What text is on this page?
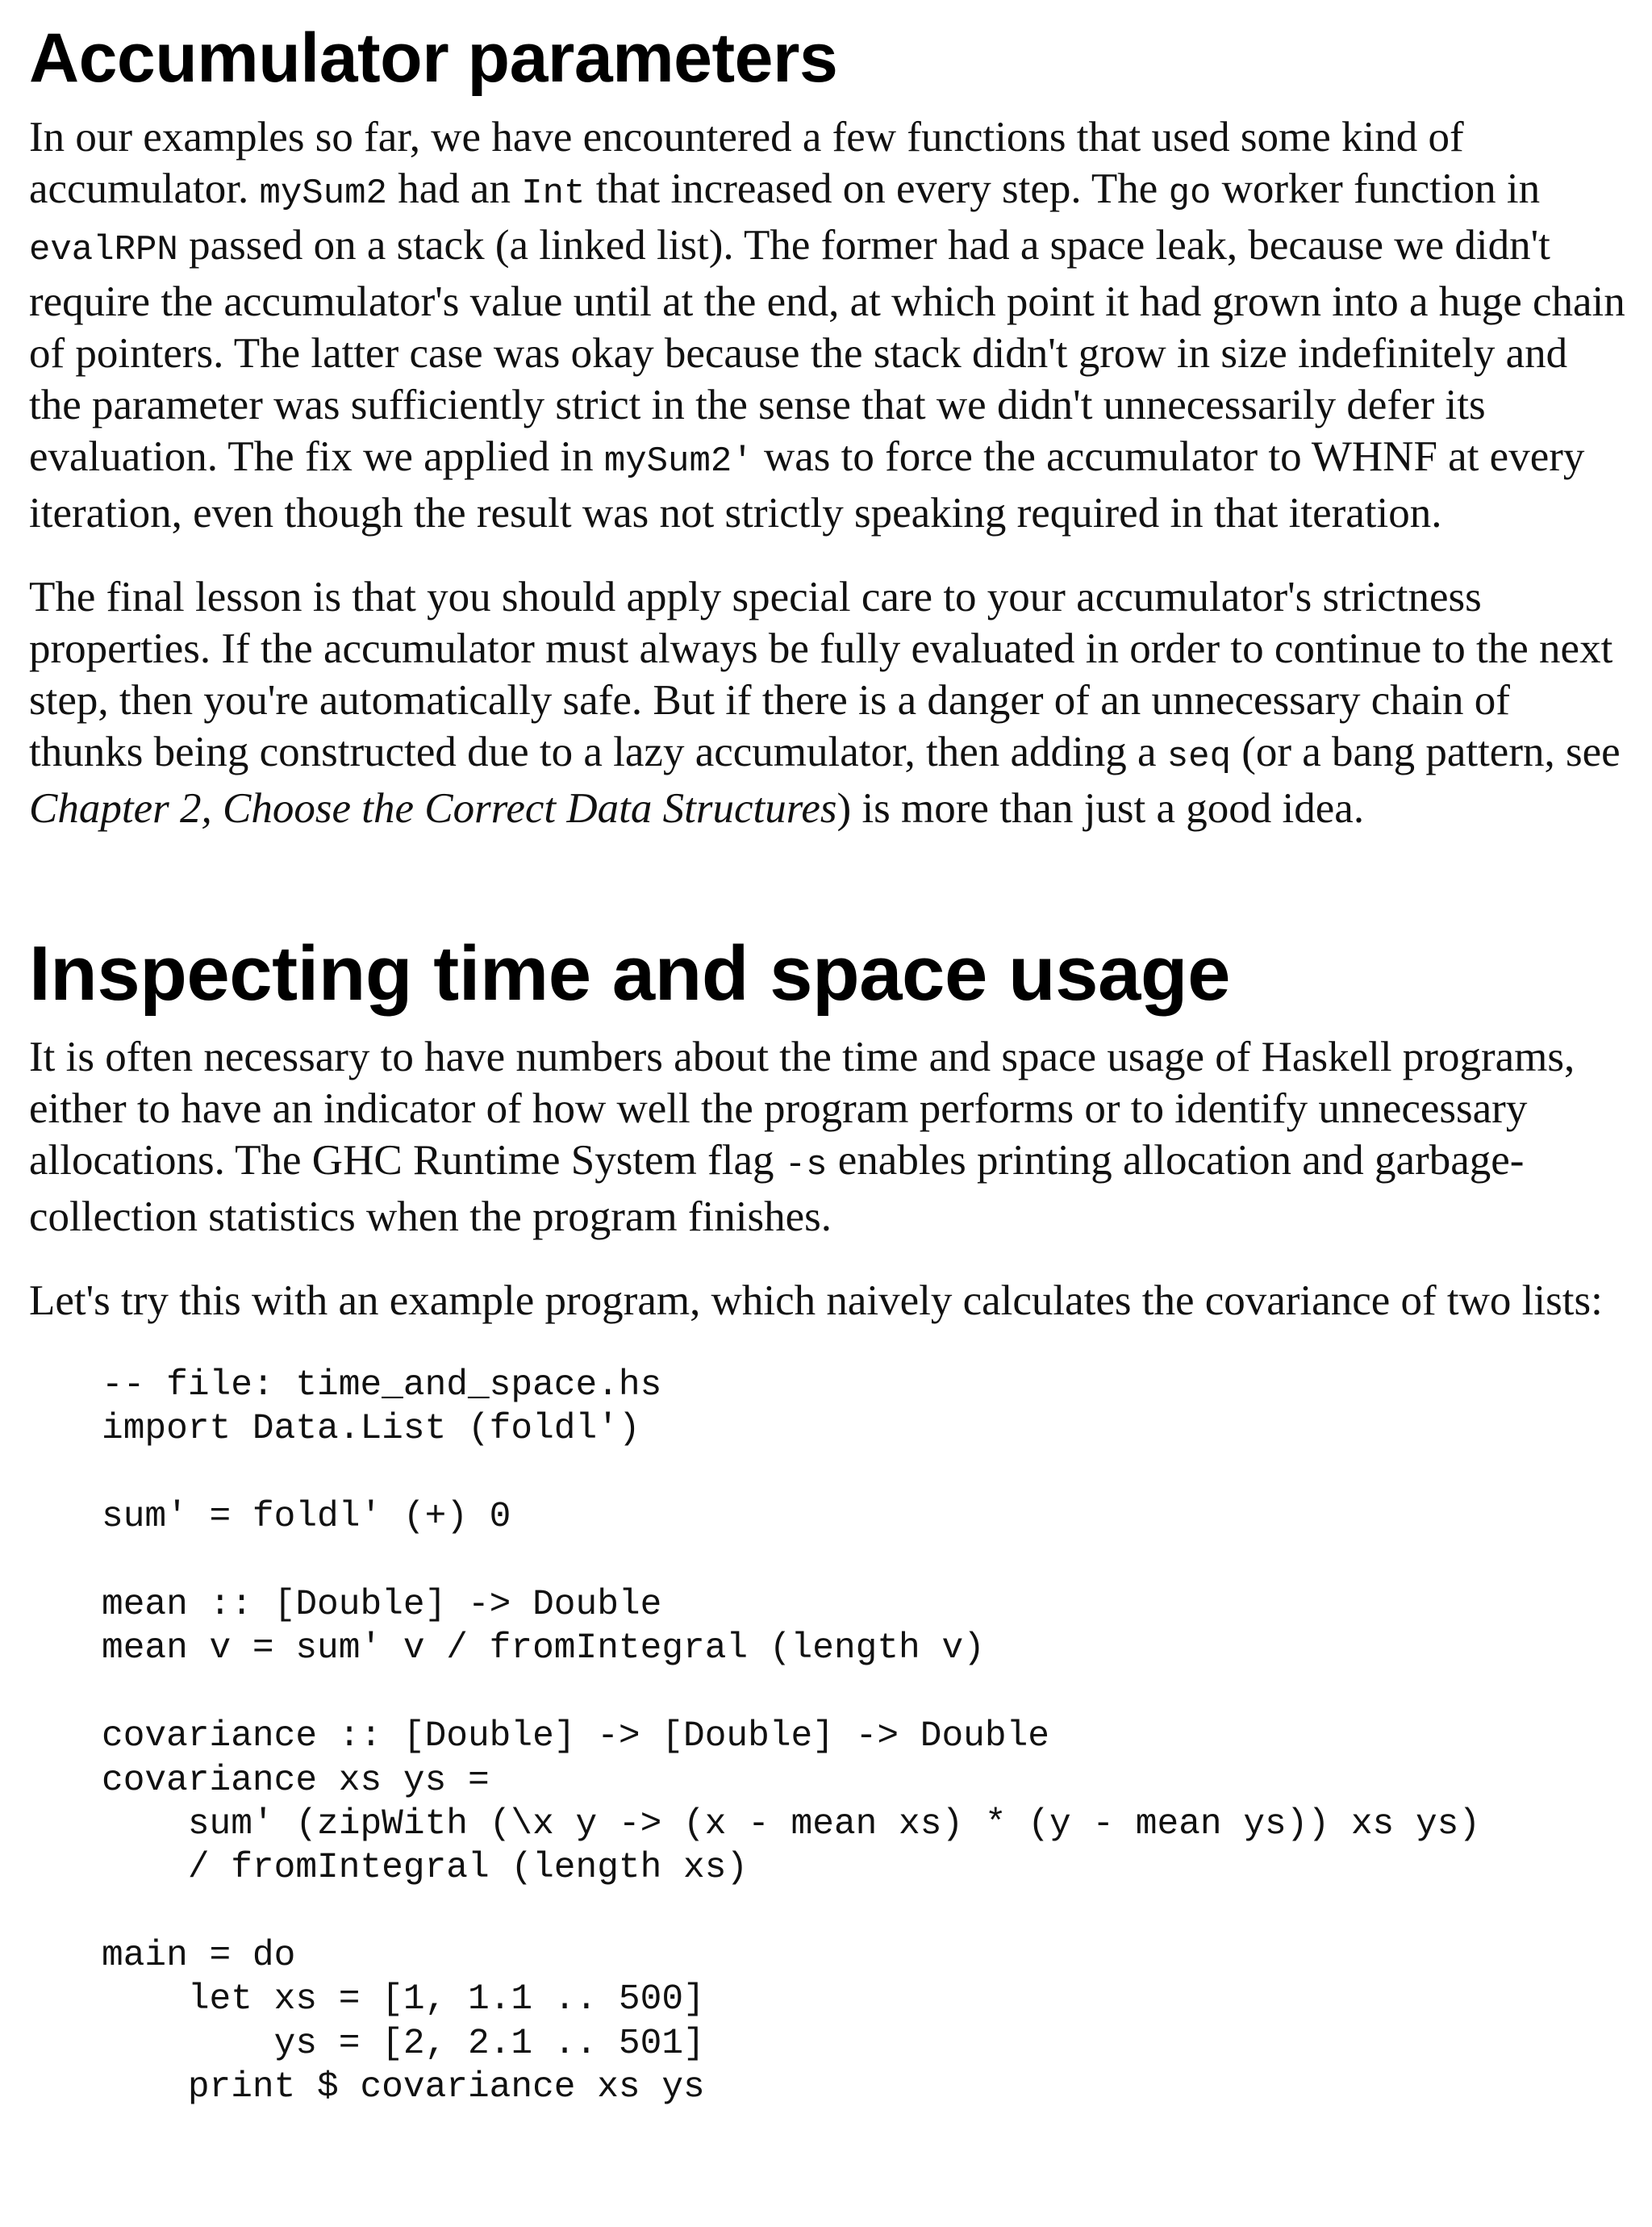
Accumulator parameters

In our examples so far, we have encountered a few functions that used some kind of accumulator. mySum2 had an Int that increased on every step. The go worker function in evalRPN passed on a stack (a linked list). The former had a space leak, because we didn't require the accumulator's value until at the end, at which point it had grown into a huge chain of pointers. The latter case was okay because the stack didn't grow in size indefinitely and the parameter was sufficiently strict in the sense that we didn't unnecessarily defer its evaluation. The fix we applied in mySum2' was to force the accumulator to WHNF at every iteration, even though the result was not strictly speaking required in that iteration.

The final lesson is that you should apply special care to your accumulator's strictness properties. If the accumulator must always be fully evaluated in order to continue to the next step, then you're automatically safe. But if there is a danger of an unnecessary chain of thunks being constructed due to a lazy accumulator, then adding a seq (or a bang pattern, see Chapter 2, Choose the Correct Data Structures) is more than just a good idea.

Inspecting time and space usage

It is often necessary to have numbers about the time and space usage of Haskell programs, either to have an indicator of how well the program performs or to identify unnecessary allocations. The GHC Runtime System flag -s enables printing allocation and garbage-collection statistics when the program finishes.

Let's try this with an example program, which naively calculates the covariance of two lists:

-- file: time_and_space.hs
import Data.List (foldl')
sum' = foldl' (+) 0
mean :: [Double] -> Double
mean v = sum' v / fromIntegral (length v)
covariance :: [Double] -> [Double] -> Double
covariance xs ys =
sum' (zipWith (\x y -> (x - mean xs) * (y - mean ys)) xs ys)
/ fromIntegral (length xs)
main = do
let xs = [1, 1.1 .. 500]
ys = [2, 2.1 .. 501]
print $ covariance xs ys
